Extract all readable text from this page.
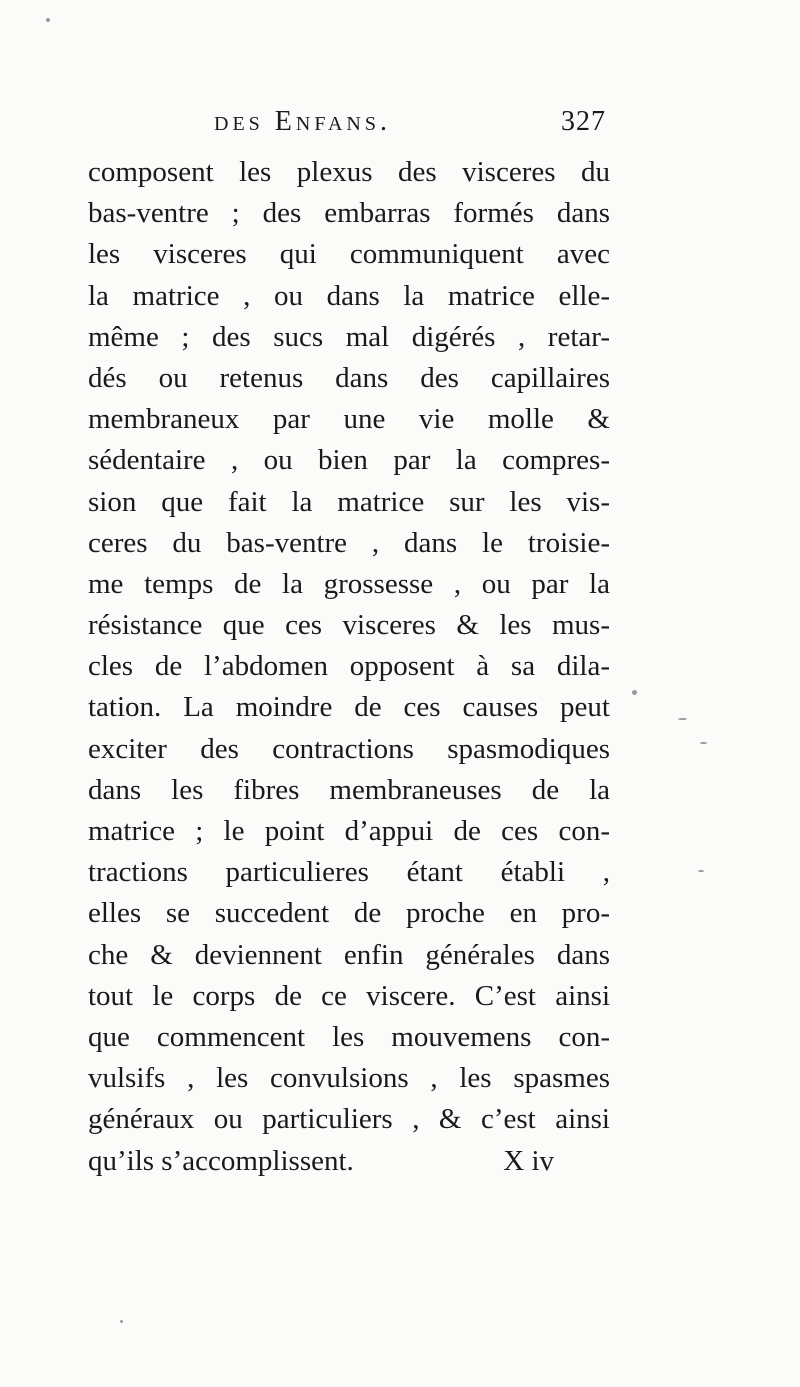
des Enfans.	327
composent les plexus des visceres du
bas-ventre ; des embarras formés dans
les visceres qui communiquent avec
la matrice , ou dans la matrice elle-
même ; des sucs mal digérés , retar-
dés ou retenus dans des capillaires
membraneux par une vie molle &
sédentaire , ou bien par la compres-
sion que fait la matrice sur les vis-
ceres du bas-ventre , dans le troisie-
me temps de la grossesse , ou par la
résistance que ces visceres & les mus-
cles de l’abdomen opposent à sa dila-
tation. La moindre de ces causes peut
exciter des contractions spasmodiques
dans les fibres membraneuses de la
matrice ; le point d’appui de ces con-
tractions particulieres étant établi ,
elles se succedent de proche en pro-
che & deviennent enfin générales dans
tout le corps de ce viscere. C’est ainsi
que commencent les mouvemens con-
vulsifs , les convulsions , les spasmes
généraux ou particuliers , & c’est ainsi
qu’ils s’accomplissent.	X iv
